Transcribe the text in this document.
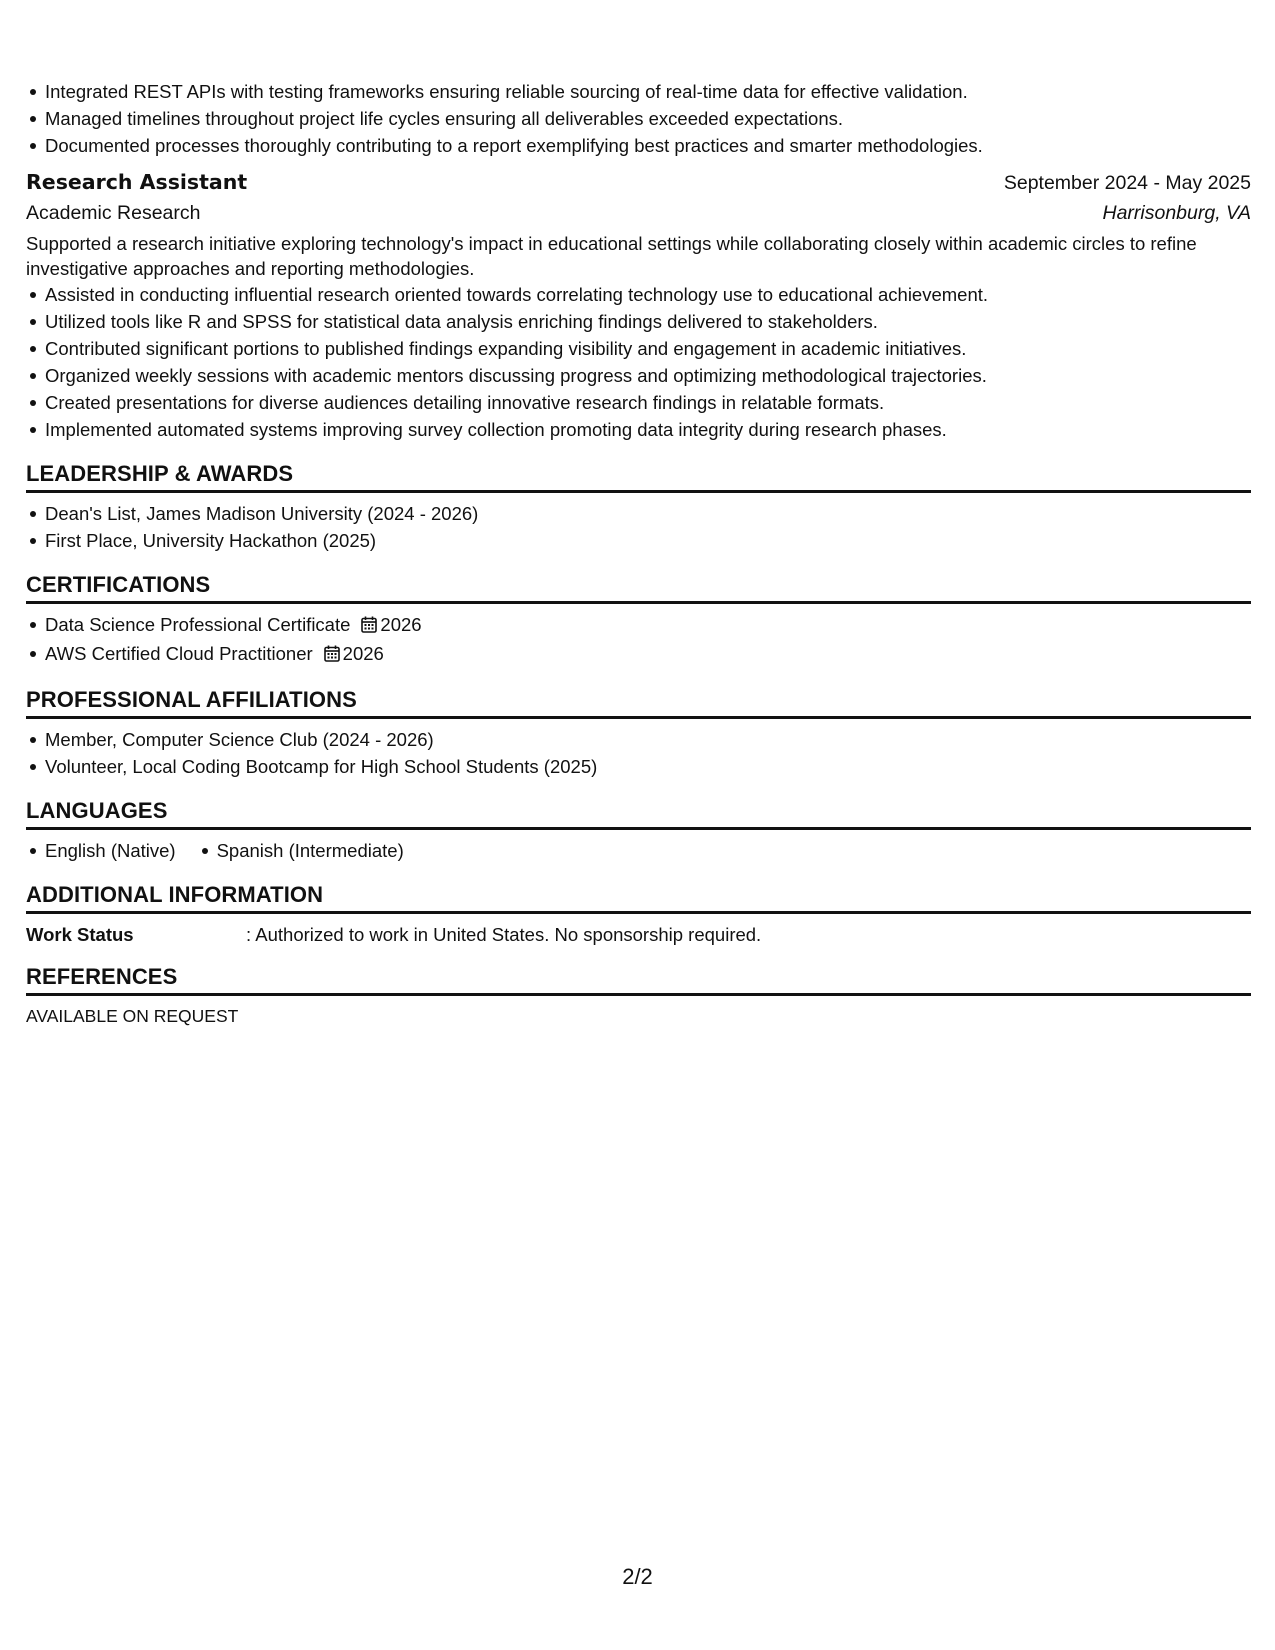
Integrated REST APIs with testing frameworks ensuring reliable sourcing of real-time data for effective validation.
Managed timelines throughout project life cycles ensuring all deliverables exceeded expectations.
Documented processes thoroughly contributing to a report exemplifying best practices and smarter methodologies.
Research Assistant	September 2024 - May 2025
Academic Research	Harrisonburg, VA

Supported a research initiative exploring technology's impact in educational settings while collaborating closely within academic circles to refine investigative approaches and reporting methodologies.

Assisted in conducting influential research oriented towards correlating technology use to educational achievement.
Utilized tools like R and SPSS for statistical data analysis enriching findings delivered to stakeholders.
Contributed significant portions to published findings expanding visibility and engagement in academic initiatives.
Organized weekly sessions with academic mentors discussing progress and optimizing methodological trajectories.
Created presentations for diverse audiences detailing innovative research findings in relatable formats.
Implemented automated systems improving survey collection promoting data integrity during research phases.
LEADERSHIP & AWARDS
Dean's List, James Madison University (2024 - 2026)
First Place, University Hackathon (2025)
CERTIFICATIONS
Data Science Professional Certificate 2026
AWS Certified Cloud Practitioner 2026
PROFESSIONAL AFFILIATIONS
Member, Computer Science Club (2024 - 2026)
Volunteer, Local Coding Bootcamp for High School Students (2025)
LANGUAGES
English (Native) Spanish (Intermediate)
ADDITIONAL INFORMATION
Work Status	: Authorized to work in United States. No sponsorship required.
REFERENCES
AVAILABLE ON REQUEST
2/2
